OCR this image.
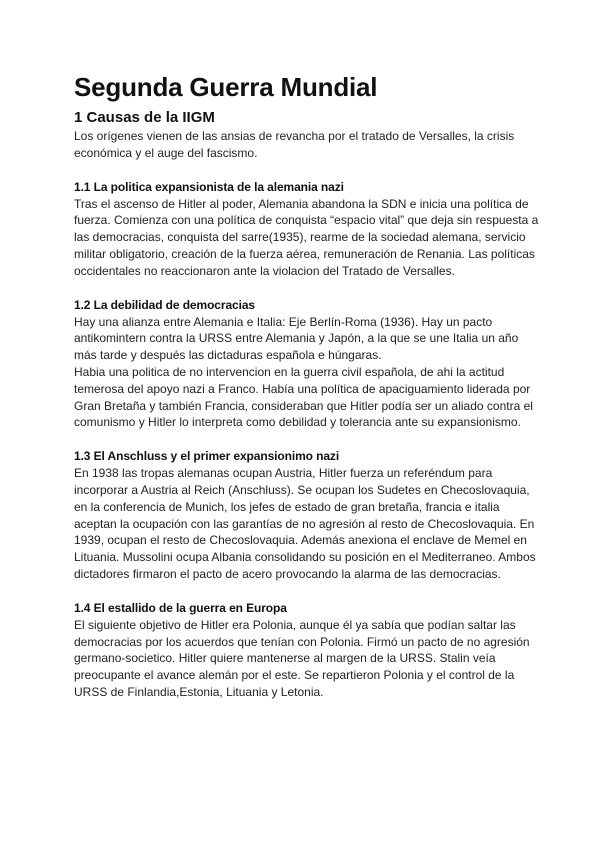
Segunda Guerra Mundial
1 Causas de la IIGM

Los orígenes vienen de las ansias de revancha por el tratado de Versalles, la crisis económica y el auge del fascismo.

1.1 La politica expansionista de la alemania nazi

Tras el ascenso de Hitler al poder, Alemania abandona la SDN e inicia una política de fuerza. Comienza con una política de conquista “espacio vital” que deja sin respuesta a las democracias, conquista del sarre(1935), rearme de la sociedad alemana, servicio militar obligatorio, creación de la fuerza aérea, remuneración de Renania. Las políticas occidentales no reaccionaron ante la violacion del Tratado de Versalles.

1.2 La debilidad de democracias

Hay una alianza entre Alemania e Italia: Eje Berlín-Roma (1936). Hay un pacto antikomintern contra la URSS entre Alemania y Japón, a la que se une Italia un año más tarde y después las dictaduras española e húngaras.

Habia una politica de no intervencion en la guerra civil española, de ahi la actitud temerosa del apoyo nazi a Franco. Había una política de apaciguamiento liderada por Gran Bretaña y también Francia, consideraban que Hitler podía ser un aliado contra el comunismo y Hitler lo interpreta como debilidad y tolerancia ante su expansionismo.

1.3 El Anschluss y el primer expansionimo nazi

En 1938 las tropas alemanas ocupan Austria, Hitler fuerza un referéndum para incorporar a Austria al Reich (Anschluss). Se ocupan los Sudetes en Checoslovaquia, en la conferencia de Munich, los jefes de estado de gran bretaña, francia e italia aceptan la ocupación con las garantías de no agresión al resto de Checoslovaquia. En 1939, ocupan el resto de Checoslovaquia. Además anexiona el enclave de Memel en Lituania. Mussolini ocupa Albania consolidando su posición en el Mediterraneo. Ambos dictadores firmaron el pacto de acero provocando la alarma de las democracias.

1.4 El estallido de la guerra en Europa

El siguiente objetivo de Hitler era Polonia, aunque él ya sabía que podían saltar las democracias por los acuerdos que tenían con Polonia. Firmó un pacto de no agresión germano-societico. Hitler quiere mantenerse al margen de la URSS. Stalin veía preocupante el avance alemán por el este. Se repartieron Polonia y el control de la URSS de Finlandia,Estonia, Lituania y Letonia.
